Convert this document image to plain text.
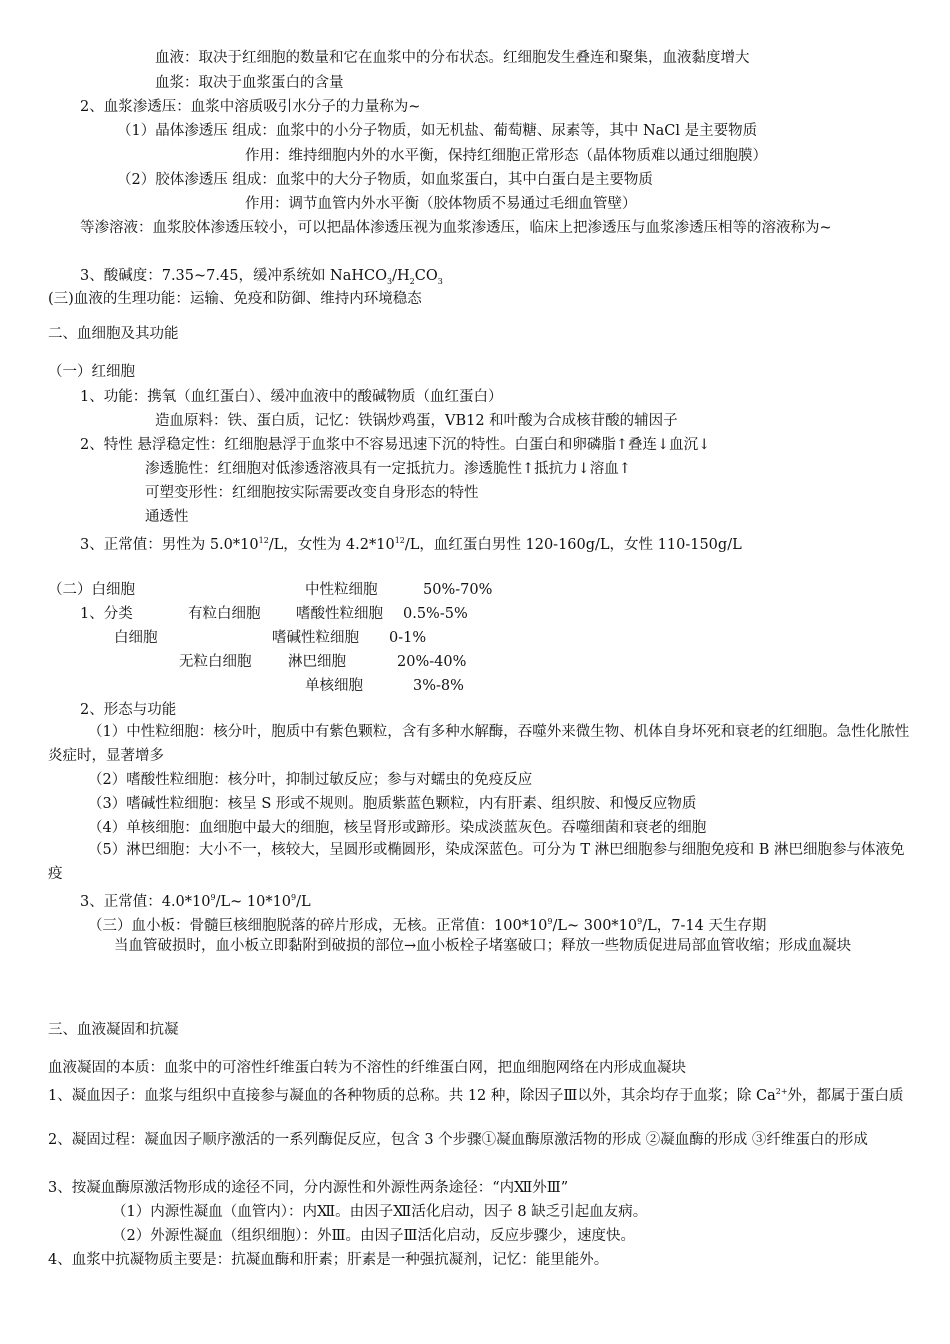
血液：取决于红细胞的数量和它在血浆中的分布状态。红细胞发生叠连和聚集，血液黏度增大
血浆：取决于血浆蛋白的含量
2、血浆渗透压：血浆中溶质吸引水分子的力量称为~
（1）晶体渗透压 组成：血浆中的小分子物质，如无机盐、葡萄糖、尿素等，其中 NaCl 是主要物质
作用：维持细胞内外的水平衡，保持红细胞正常形态（晶体物质难以通过细胞膜）
（2）胶体渗透压 组成：血浆中的大分子物质，如血浆蛋白，其中白蛋白是主要物质
作用：调节血管内外水平衡（胶体物质不易通过毛细血管壁）
等渗溶液：血浆胶体渗透压较小，可以把晶体渗透压视为血浆渗透压，临床上把渗透压与血浆渗透压相等的溶液称为~
3、酸碱度：7.35~7.45，缓冲系统如 $NaHCO_3/H_2CO_3$
(三)血液的生理功能：运输、免疫和防御、维持内环境稳态
二、血细胞及其功能
（一）红细胞
1、功能：携氧（血红蛋白）、缓冲血液中的酸碱物质（血红蛋白）
造血原料：铁、蛋白质，记忆：铁锅炒鸡蛋，VB12 和叶酸为合成核苷酸的辅因子
2、特性 悬浮稳定性：红细胞悬浮于血浆中不容易迅速下沉的特性。白蛋白和卵磷脂↑叠连↓血沉↓
渗透脆性：红细胞对低渗透溶液具有一定抵抗力。渗透脆性↑抵抗力↓溶血↑
可塑变形性：红细胞按实际需要改变自身形态的特性
通透性
3、正常值：男性为 $5.0*10^{12}/L$，女性为 $4.2*10^{12}/L$，血红蛋白男性 120-160g/L，女性 110-150g/L
（二）白细胞	中性粒细胞	50%-70%
1、分类	有粒白细胞 嗜酸性粒细胞 0.5%-5%
白细胞	嗜碱性粒细胞 0-1%
无粒白细胞	淋巴细胞	20%-40%
单核细胞	3%-8%
2、形态与功能
（1）中性粒细胞：核分叶，胞质中有紫色颗粒，含有多种水解酶，吞噬外来微生物、机体自身坏死和衰老的红细胞。急性化脓性炎症时，显著增多
（2）嗜酸性粒细胞：核分叶，抑制过敏反应；参与对蠕虫的免疫反应
（3）嗜碱性粒细胞：核呈 S 形或不规则。胞质紫蓝色颗粒，内有肝素、组织胺、和慢反应物质
（4）单核细胞：血细胞中最大的细胞，核呈肾形或蹄形。染成淡蓝灰色。吞噬细菌和衰老的细胞
（5）淋巴细胞：大小不一，核较大，呈圆形或椭圆形，染成深蓝色。可分为 T 淋巴细胞参与细胞免疫和 B 淋巴细胞参与体液免疫
3、正常值：$4.0*10^9/L\sim$ $10*10^9/L$
（三）血小板：骨髓巨核细胞脱落的碎片形成，无核。正常值：$100*10^9/L\sim$ $300*10^9/L$，7-14 天生存期
当血管破损时，血小板立即黏附到破损的部位→血小板栓子堵塞破口；释放一些物质促进局部血管收缩；形成血凝块
三、血液凝固和抗凝
血液凝固的本质：血浆中的可溶性纤维蛋白转为不溶性的纤维蛋白网，把血细胞网络在内形成血凝块
1、凝血因子：血浆与组织中直接参与凝血的各种物质的总称。共 12 种，除因子Ⅲ以外，其余均存于血浆；除 $Ca^{2+}$外，都属于蛋白质
2、凝固过程：凝血因子顺序激活的一系列酶促反应，包含 3 个步骤①凝血酶原激活物的形成 ②凝血酶的形成 ③纤维蛋白的形成
3、按凝血酶原激活物形成的途径不同，分内源性和外源性两条途径：“内Ⅻ外Ⅲ”
（1）内源性凝血（血管内）：内Ⅻ。由因子Ⅻ活化启动，因子 8 缺乏引起血友病。
（2）外源性凝血（组织细胞）：外Ⅲ。由因子Ⅲ活化启动，反应步骤少，速度快。
4、血浆中抗凝物质主要是：抗凝血酶和肝素；肝素是一种强抗凝剂，记忆：能里能外。
